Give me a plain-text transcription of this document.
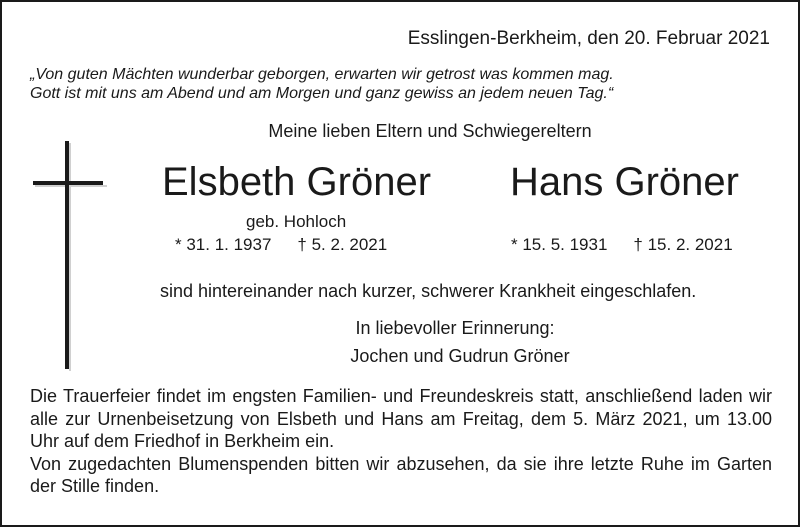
Esslingen-Berkheim, den 20. Februar 2021
„Von guten Mächten wunderbar geborgen, erwarten wir getrost was kommen mag.
Gott ist mit uns am Abend und am Morgen und ganz gewiss an jedem neuen Tag.“
Meine lieben Eltern und Schwiegereltern
Elsbeth Gröner Hans Gröner
geb. Hohloch
* 31. 1. 1937 † 5. 2. 2021	* 15. 5. 1931 † 15. 2. 2021
sind hintereinander nach kurzer, schwerer Krankheit eingeschlafen.
In liebevoller Erinnerung:
Jochen und Gudrun Gröner

Die Trauerfeier findet im engsten Familien- und Freundeskreis statt, anschließend laden wir alle zur Urnenbeisetzung von Elsbeth und Hans am Freitag, dem 5. März 2021, um 13.00 Uhr auf dem Friedhof in Berkheim ein.

Von zugedachten Blumenspenden bitten wir abzusehen, da sie ihre letzte Ruhe im Garten der Stille finden.
